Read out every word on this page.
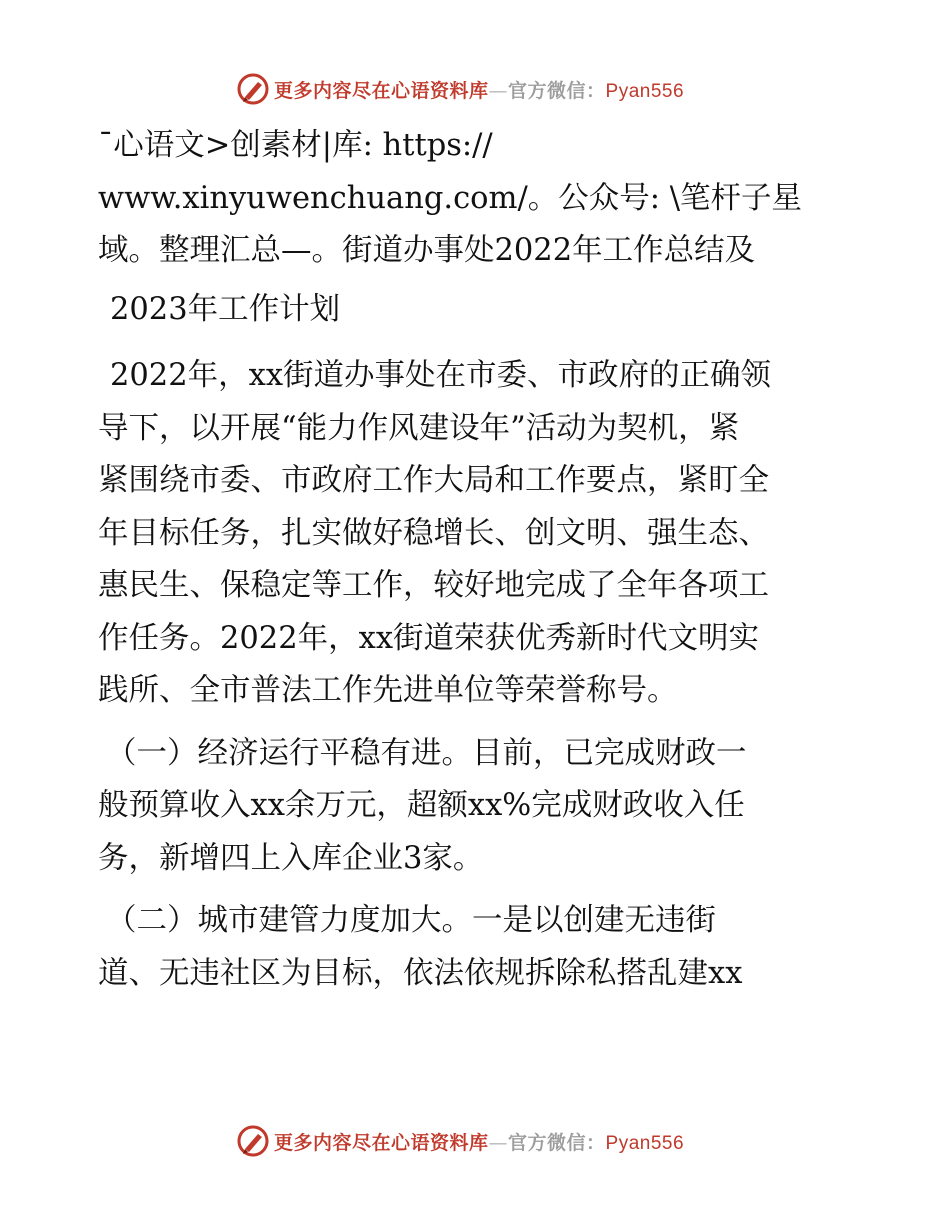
更多内容尽在心语资料库—官方微信：Pyan556
¯心语文>创素材|库: https://
www.xinyuwenchuang.com/。公众号: \笔杆子星
域。整理汇总—。街道办事处2022年工作总结及
2023年工作计划
2022年，xx街道办事处在市委、市政府的正确领
导下，以开展“能力作风建设年”活动为契机，紧
紧围绕市委、市政府工作大局和工作要点，紧盯全
年目标任务，扎实做好稳增长、创文明、强生态、
惠民生、保稳定等工作，较好地完成了全年各项工
作任务。2022年，xx街道荣获优秀新时代文明实
践所、全市普法工作先进单位等荣誉称号。
（一）经济运行平稳有进。目前，已完成财政一
般预算收入xx余万元，超额xx%完成财政收入任
务，新增四上入库企业3家。
（二）城市建管力度加大。一是以创建无违街
道、无违社区为目标，依法依规拆除私搭乱建xx
更多内容尽在心语资料库—官方微信：Pyan556
